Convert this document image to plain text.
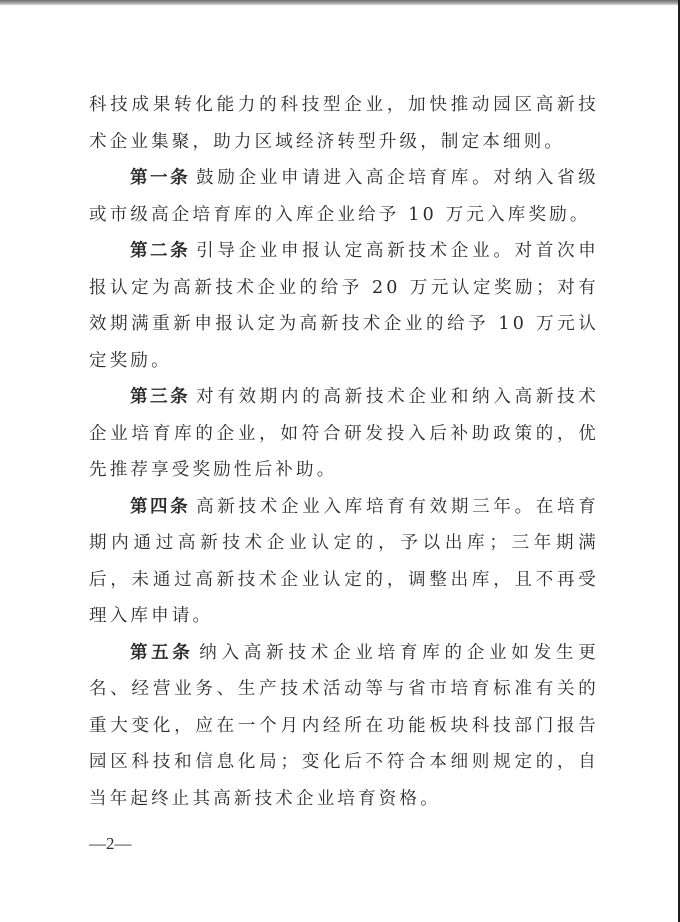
科技成果转化能力的科技型企业，加快推动园区高新技术企业集聚，助力区域经济转型升级，制定本细则。

第一条 鼓励企业申请进入高企培育库。对纳入省级或市级高企培育库的入库企业给予 10 万元入库奖励。

第二条 引导企业申报认定高新技术企业。对首次申报认定为高新技术企业的给予 20 万元认定奖励；对有效期满重新申报认定为高新技术企业的给予 10 万元认定奖励。

第三条 对有效期内的高新技术企业和纳入高新技术企业培育库的企业，如符合研发投入后补助政策的，优先推荐享受奖励性后补助。

第四条 高新技术企业入库培育有效期三年。在培育期内通过高新技术企业认定的，予以出库；三年期满后，未通过高新技术企业认定的，调整出库，且不再受理入库申请。

第五条 纳入高新技术企业培育库的企业如发生更名、经营业务、生产技术活动等与省市培育标准有关的重大变化，应在一个月内经所在功能板块科技部门报告园区科技和信息化局；变化后不符合本细则规定的，自当年起终止其高新技术企业培育资格。

—2—
